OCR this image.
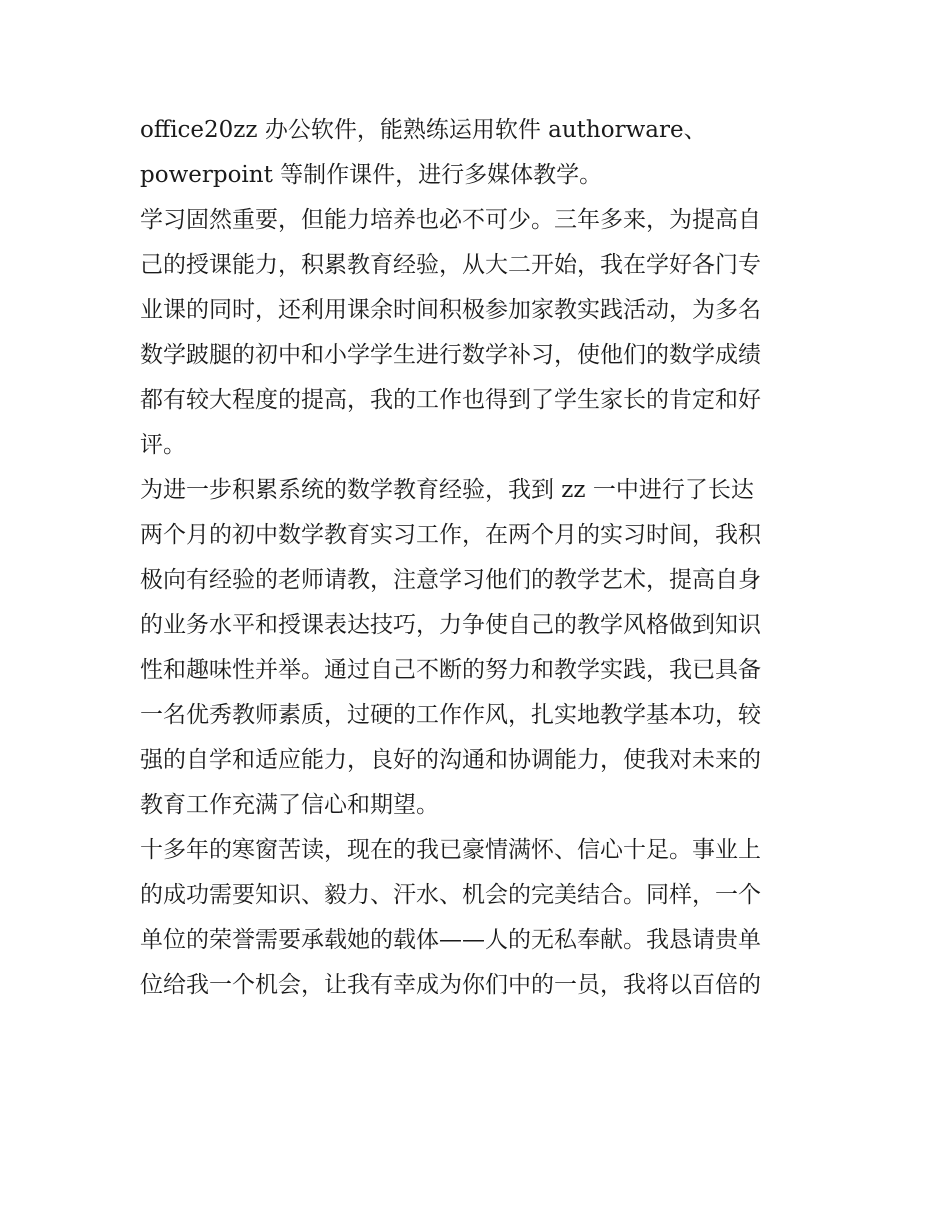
office20zz 办公软件，能熟练运用软件 authorware、
powerpoint 等制作课件，进行多媒体教学。
学习固然重要，但能力培养也必不可少。三年多来，为提高自
己的授课能力，积累教育经验，从大二开始，我在学好各门专
业课的同时，还利用课余时间积极参加家教实践活动，为多名
数学跛腿的初中和小学学生进行数学补习，使他们的数学成绩
都有较大程度的提高，我的工作也得到了学生家长的肯定和好
评。
为进一步积累系统的数学教育经验，我到 zz 一中进行了长达
两个月的初中数学教育实习工作，在两个月的实习时间，我积
极向有经验的老师请教，注意学习他们的教学艺术，提高自身
的业务水平和授课表达技巧，力争使自己的教学风格做到知识
性和趣味性并举。通过自己不断的努力和教学实践，我已具备
一名优秀教师素质，过硬的工作作风，扎实地教学基本功，较
强的自学和适应能力，良好的沟通和协调能力，使我对未来的
教育工作充满了信心和期望。
十多年的寒窗苦读，现在的我已豪情满怀、信心十足。事业上
的成功需要知识、毅力、汗水、机会的完美结合。同样，一个
单位的荣誉需要承载她的载体——人的无私奉献。我恳请贵单
位给我一个机会，让我有幸成为你们中的一员，我将以百倍的
